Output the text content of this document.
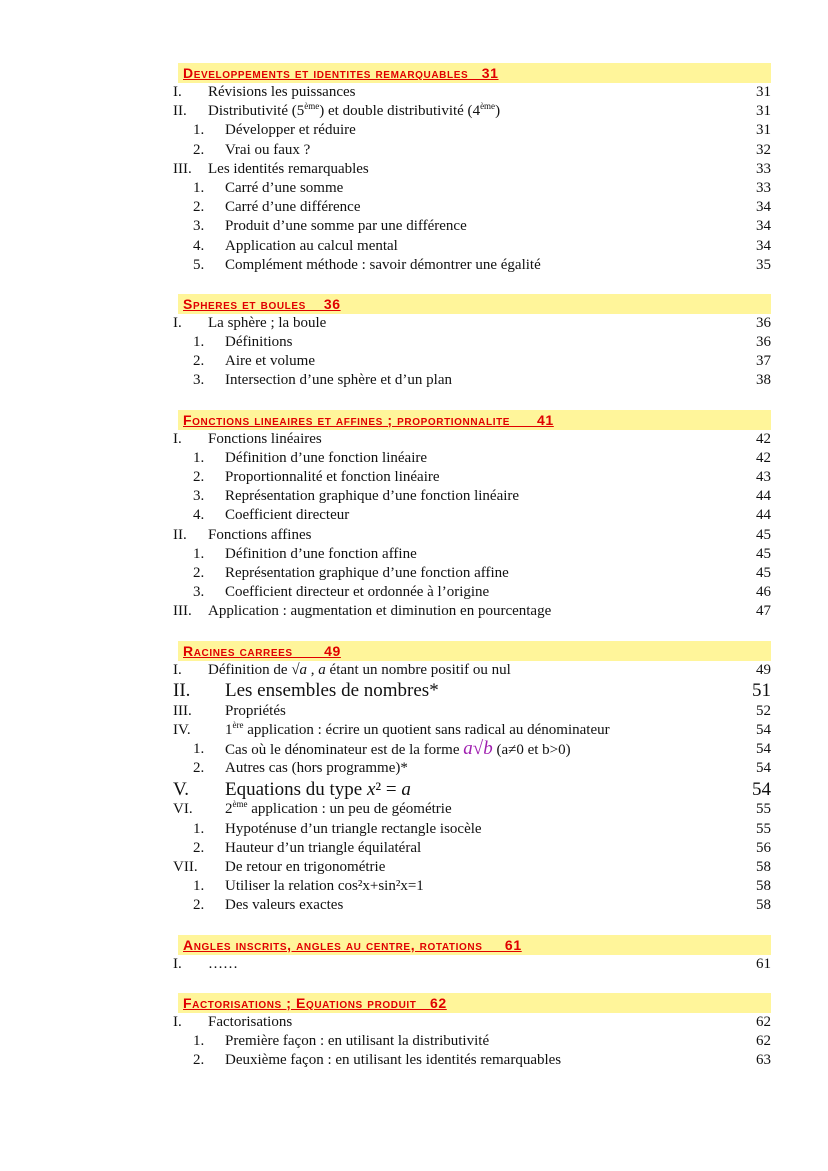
Developpements et identites remarquables   31
I.	Révisions les puissances	31
II.	Distributivité (5ème) et double distributivité (4ème)	31
1.	Développer et réduire	31
2.	Vrai ou faux ?	32
III.	Les identités remarquables	33
1.	Carré d’une somme	33
2.	Carré d’une différence	34
3.	Produit d’une somme par une différence	34
4.	Application au calcul mental	34
5.	Complément méthode : savoir démontrer une égalité	35
Spheres et boules    36
I.	La sphère ; la boule	36
1.	Définitions	36
2.	Aire et volume	37
3.	Intersection d’une sphère et d’un plan	38
Fonctions lineaires et affines ; proportionnalite      41
I.	Fonctions linéaires	42
1.	Définition d’une fonction linéaire	42
2.	Proportionnalité et fonction linéaire	43
3.	Représentation graphique d’une fonction linéaire	44
4.	Coefficient directeur	44
II.	Fonctions affines	45
1.	Définition d’une fonction affine	45
2.	Représentation graphique d’une fonction affine	45
3.	Coefficient directeur et ordonnée à l’origine	46
III.	Application : augmentation et diminution en pourcentage	47
Racines carrees       49
I.	Définition de √a , a étant un nombre positif ou nul	49
II.	Les ensembles de nombres*	51
III.	Propriétés	52
IV.	1ère application : écrire un quotient sans radical au dénominateur	54
1.	Cas où le dénominateur est de la forme a√b (a≠0 et b>0)	54
2.	Autres cas (hors programme)*	54
V.	Equations du type x² = a	54
VI.	2ème application : un peu de géométrie	55
1.	Hypoténuse d’un triangle rectangle isocèle	55
2.	Hauteur d’un triangle équilatéral	56
VII.	De retour en trigonométrie	58
1.	Utiliser la relation cos²x+sin²x=1	58
2.	Des valeurs exactes	58
Angles inscrits, angles au centre, rotations     61
I.	……	61
Factorisations ; Equations produit   62
I.	Factorisations	62
1.	Première façon : en utilisant la distributivité	62
2.	Deuxième façon : en utilisant les identités remarquables	63
